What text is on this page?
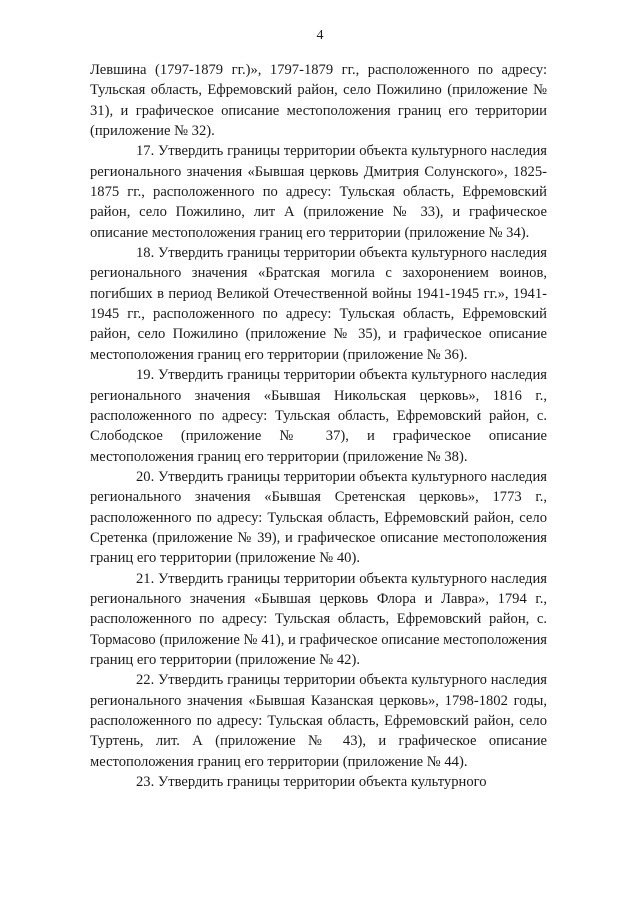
4

Левшина (1797-1879 гг.)», 1797-1879 гг., расположенного по адресу: Тульская область, Ефремовский район, село Пожилино (приложение № 31), и графическое описание местоположения границ его территории (приложение № 32).

17. Утвердить границы территории объекта культурного наследия регионального значения «Бывшая церковь Дмитрия Солунского», 1825-1875 гг., расположенного по адресу: Тульская область, Ефремовский район, село Пожилино, лит А (приложение № 33), и графическое описание местоположения границ его территории (приложение № 34).

18. Утвердить границы территории объекта культурного наследия регионального значения «Братская могила с захоронением воинов, погибших в период Великой Отечественной войны 1941-1945 гг.», 1941-1945 гг., расположенного по адресу: Тульская область, Ефремовский район, село Пожилино (приложение № 35), и графическое описание местоположения границ его территории (приложение № 36).

19. Утвердить границы территории объекта культурного наследия регионального значения «Бывшая Никольская церковь», 1816 г., расположенного по адресу: Тульская область, Ефремовский район, с. Слободское (приложение № 37), и графическое описание местоположения границ его территории (приложение № 38).

20. Утвердить границы территории объекта культурного наследия регионального значения «Бывшая Сретенская церковь», 1773 г., расположенного по адресу: Тульская область, Ефремовский район, село Сретенка (приложение № 39), и графическое описание местоположения границ его территории (приложение № 40).

21. Утвердить границы территории объекта культурного наследия регионального значения «Бывшая церковь Флора и Лавра», 1794 г., расположенного по адресу: Тульская область, Ефремовский район, с. Тормасово (приложение № 41), и графическое описание местоположения границ его территории (приложение № 42).

22. Утвердить границы территории объекта культурного наследия регионального значения «Бывшая Казанская церковь», 1798-1802 годы, расположенного по адресу: Тульская область, Ефремовский район, село Туртень, лит. А (приложение № 43), и графическое описание местоположения границ его территории (приложение № 44).

23. Утвердить границы территории объекта культурного
